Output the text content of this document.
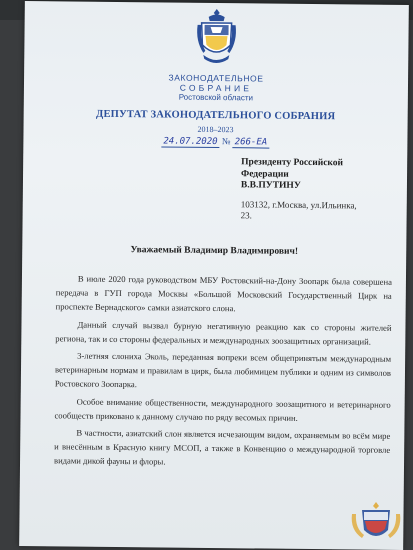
ЗАКОНОДАТЕЛЬНОЕ
СОБРАНИЕ
Ростовской области
ДЕПУТАТ ЗАКОНОДАТЕЛЬНОГО СОБРАНИЯ
2018–2023
24.07.2020 № 266-ЕА
Президенту Российской
Федерации
В.В.ПУТИНУ
103132, г.Москва, ул.Ильинка,
23.
Уважаемый Владимир Владимирович!

В июле 2020 года руководством МБУ Ростовский-на-Дону Зоопарк была совершена передача в ГУП города Москвы «Большой Московский Государственный Цирк на проспекте Вернадского» самки азиатского слона.

Данный случай вызвал бурную негативную реакцию как со стороны жителей региона, так и со стороны федеральных и международных зоозащитных организаций.

3-летняя слониха Эколь, переданная вопреки всем общепринятым международным ветеринарным нормам и правилам в цирк, была любимицем публики и одним из символов Ростовского Зоопарка.

Особое внимание общественности, международного зоозащитного и ветеринарного сообществ приковано к данному случаю по ряду весомых причин.

В частности, азиатский слон является исчезающим видом, охраняемым во всём мире и внесённым в Красную книгу МСОП, а также в Конвенцию о международной торговле видами дикой фауны и флоры.
